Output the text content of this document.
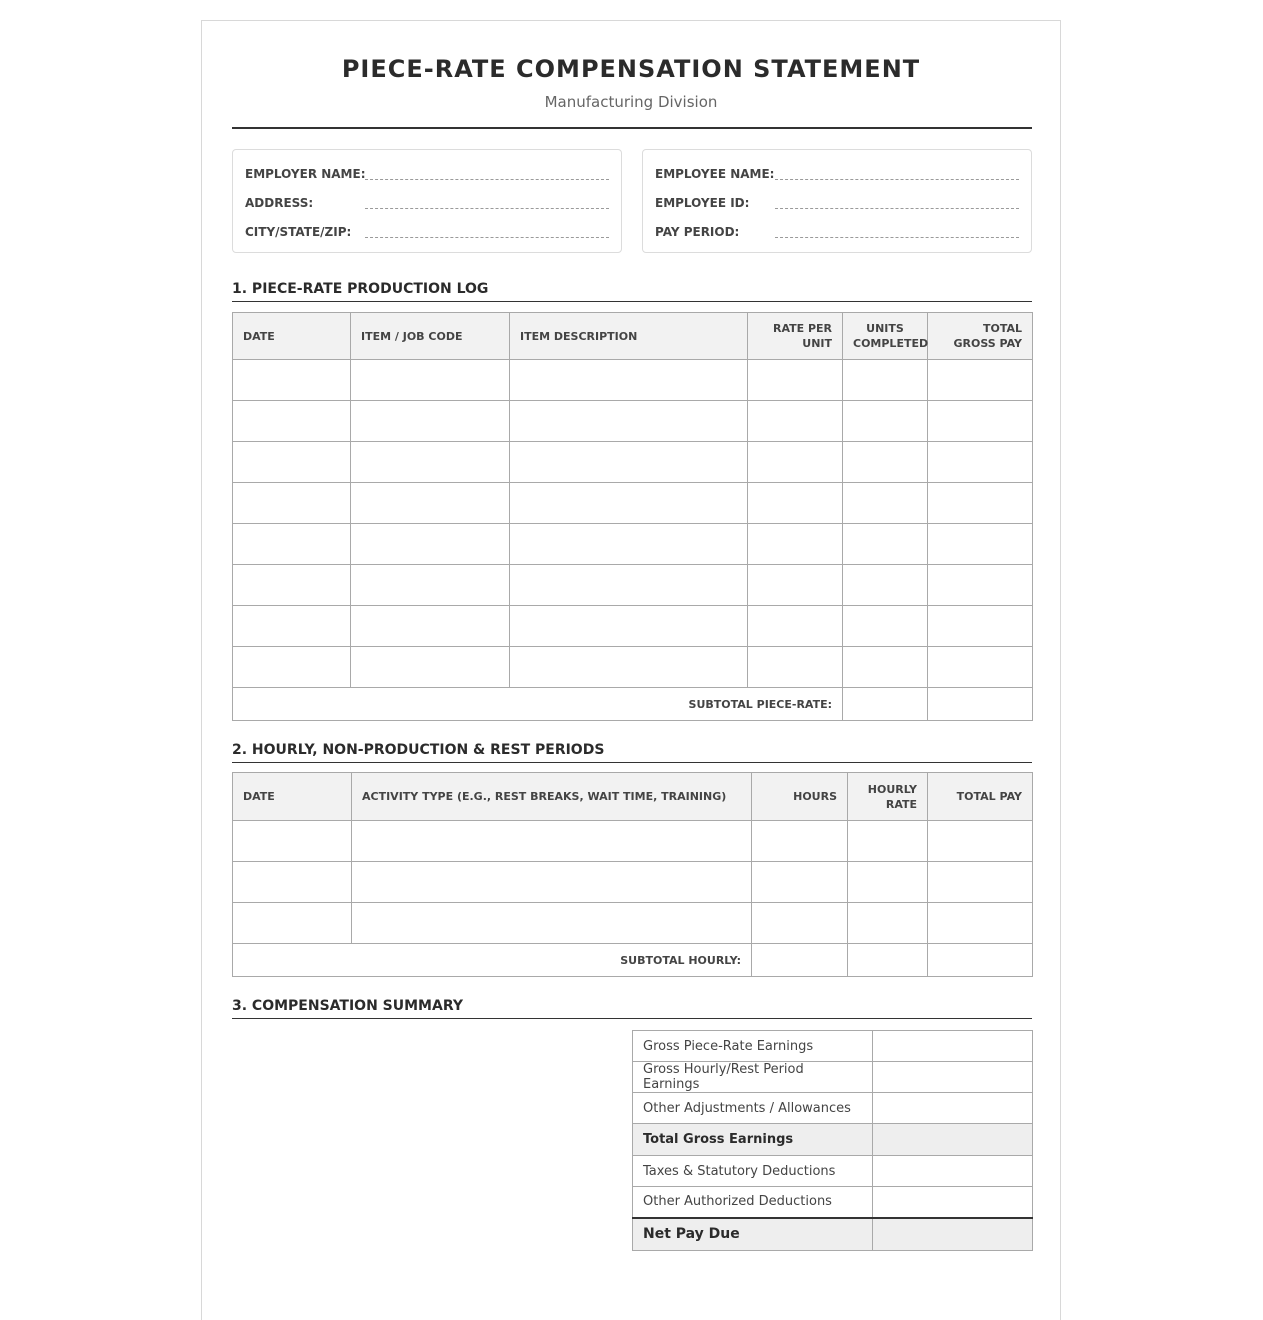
PIECE-RATE COMPENSATION STATEMENT
Manufacturing Division
EMPLOYER NAME:
ADDRESS:
CITY/STATE/ZIP:
EMPLOYEE NAME:
EMPLOYEE ID:
PAY PERIOD:
1. PIECE-RATE PRODUCTION LOG
DATE	ITEM / JOB CODE	ITEM DESCRIPTION	RATE PER UNIT	UNITS COMPLETED	TOTAL GROSS PAY

SUBTOTAL PIECE-RATE:					
2. HOURLY, NON-PRODUCTION & REST PERIODS
DATE	ACTIVITY TYPE (E.G., REST BREAKS, WAIT TIME, TRAINING)	HOURS	HOURLY RATE	TOTAL PAY

SUBTOTAL HOURLY:				
3. COMPENSATION SUMMARY
Gross Piece-Rate Earnings	
Gross Hourly/Rest Period Earnings	
Other Adjustments / Allowances	
Total Gross Earnings	
Taxes & Statutory Deductions	
Other Authorized Deductions	
Net Pay Due	
